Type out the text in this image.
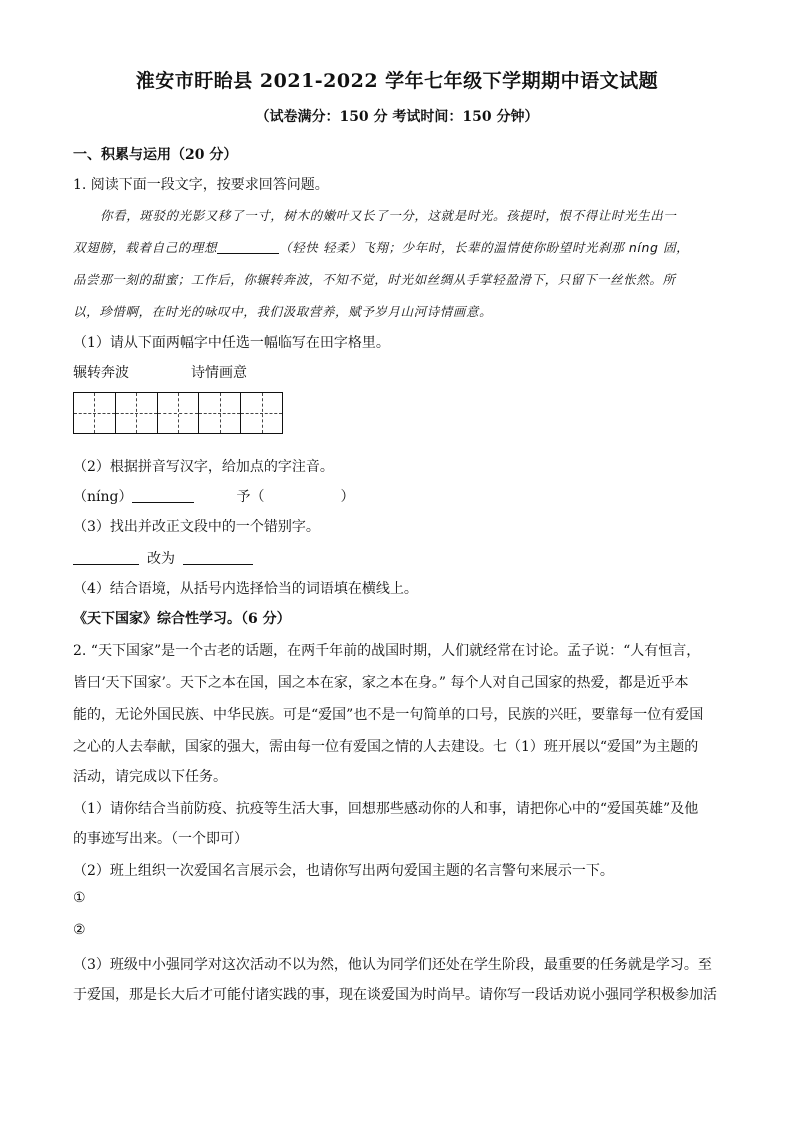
淮安市盱眙县 2021-2022 学年七年级下学期期中语文试题
（试卷满分：150 分 考试时间：150 分钟）
一、积累与运用（20 分）
1. 阅读下面一段文字，按要求回答问题。
你看，斑驳的光影又移了一寸，树木的嫩叶又长了一分，这就是时光。孩提时，恨不得让时光生出一
双翅膀，载着自己的理想	（轻快 轻柔）飞翔；少年时，长辈的温情使你盼望时光刹那 níng 固，
品尝那一刻的甜蜜；工作后，你辗转奔波，不知不觉，时光如丝绸从手掌轻盈滑下，只留下一丝怅然。所
以，珍惜啊，在时光的咏叹中，我们汲取营养，赋予岁月山河诗情画意。
（1）请从下面两幅字中任选一幅临写在田字格里。
辗转奔波	诗情画意
（2）根据拼音写汉字，给加点的字注音。
（níng）	予（	）
（3）找出并改正文段中的一个错别字。
改为
（4）结合语境，从括号内选择恰当的词语填在横线上。
《天下国家》综合性学习。（6 分）
2. “天下国家”是一个古老的话题，在两千年前的战国时期，人们就经常在讨论。孟子说：“人有恒言，
皆曰‘天下国家’。天下之本在国，国之本在家，家之本在身。” 每个人对自己国家的热爱，都是近乎本
能的，无论外国民族、中华民族。可是“爱国”也不是一句简单的口号，民族的兴旺，要靠每一位有爱国
之心的人去奉献，国家的强大，需由每一位有爱国之情的人去建设。七（1）班开展以“爱国”为主题的
活动，请完成以下任务。
（1）请你结合当前防疫、抗疫等生活大事，回想那些感动你的人和事，请把你心中的“爱国英雄”及他
的事迹写出来。（一个即可）
（2）班上组织一次爱国名言展示会，也请你写出两句爱国主题的名言警句来展示一下。
①
②
（3）班级中小强同学对这次活动不以为然，他认为同学们还处在学生阶段，最重要的任务就是学习。至
于爱国，那是长大后才可能付诸实践的事，现在谈爱国为时尚早。请你写一段话劝说小强同学积极参加活
